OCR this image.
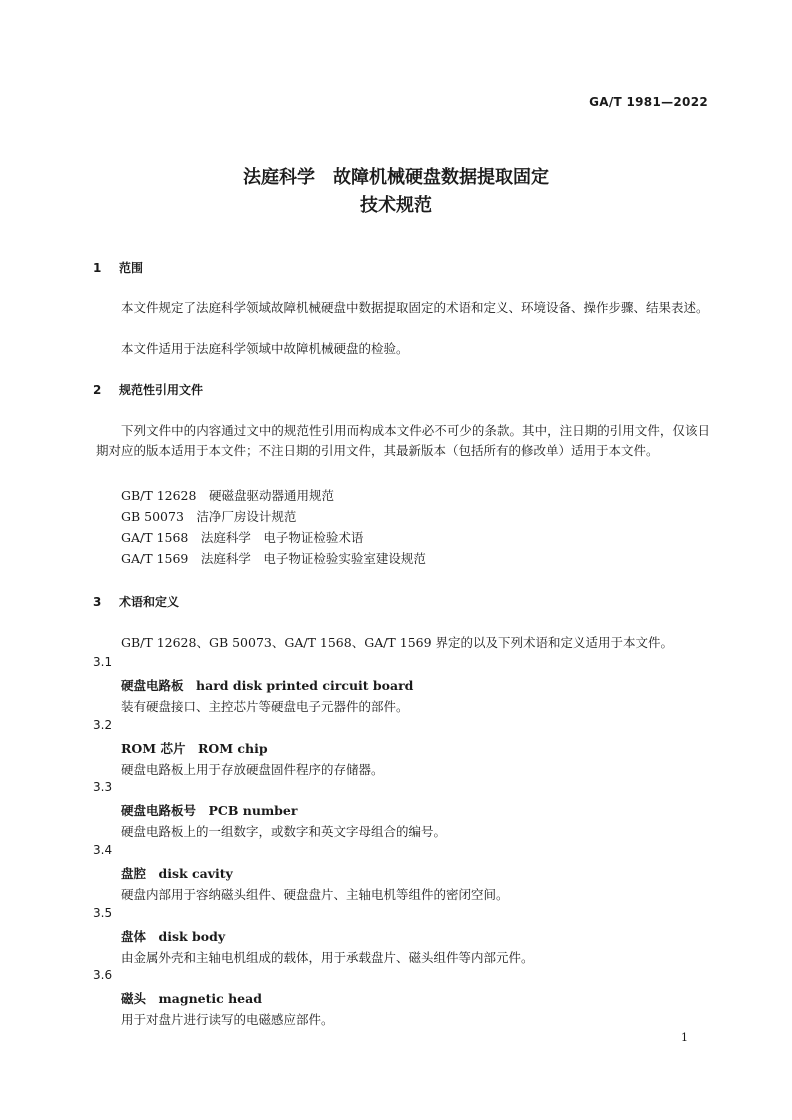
GA/T 1981—2022
法庭科学　故障机械硬盘数据提取固定
技术规范
1 范围
本文件规定了法庭科学领域故障机械硬盘中数据提取固定的术语和定义、环境设备、操作步骤、结果表述。
本文件适用于法庭科学领域中故障机械硬盘的检验。
2 规范性引用文件
下列文件中的内容通过文中的规范性引用而构成本文件必不可少的条款。其中，注日期的引用文件，仅该日期对应的版本适用于本文件；不注日期的引用文件，其最新版本（包括所有的修改单）适用于本文件。
GB/T 12628　硬磁盘驱动器通用规范
GB 50073　洁净厂房设计规范
GA/T 1568　法庭科学　电子物证检验术语
GA/T 1569　法庭科学　电子物证检验实验室建设规范
3 术语和定义
GB/T 12628、GB 50073、GA/T 1568、GA/T 1569 界定的以及下列术语和定义适用于本文件。
3.1
硬盘电路板　hard disk printed circuit board
装有硬盘接口、主控芯片等硬盘电子元器件的部件。
3.2
ROM 芯片　ROM chip
硬盘电路板上用于存放硬盘固件程序的存储器。
3.3
硬盘电路板号　PCB number
硬盘电路板上的一组数字，或数字和英文字母组合的编号。
3.4
盘腔　disk cavity
硬盘内部用于容纳磁头组件、硬盘盘片、主轴电机等组件的密闭空间。
3.5
盘体　disk body
由金属外壳和主轴电机组成的载体，用于承载盘片、磁头组件等内部元件。
3.6
磁头　magnetic head
用于对盘片进行读写的电磁感应部件。
1
